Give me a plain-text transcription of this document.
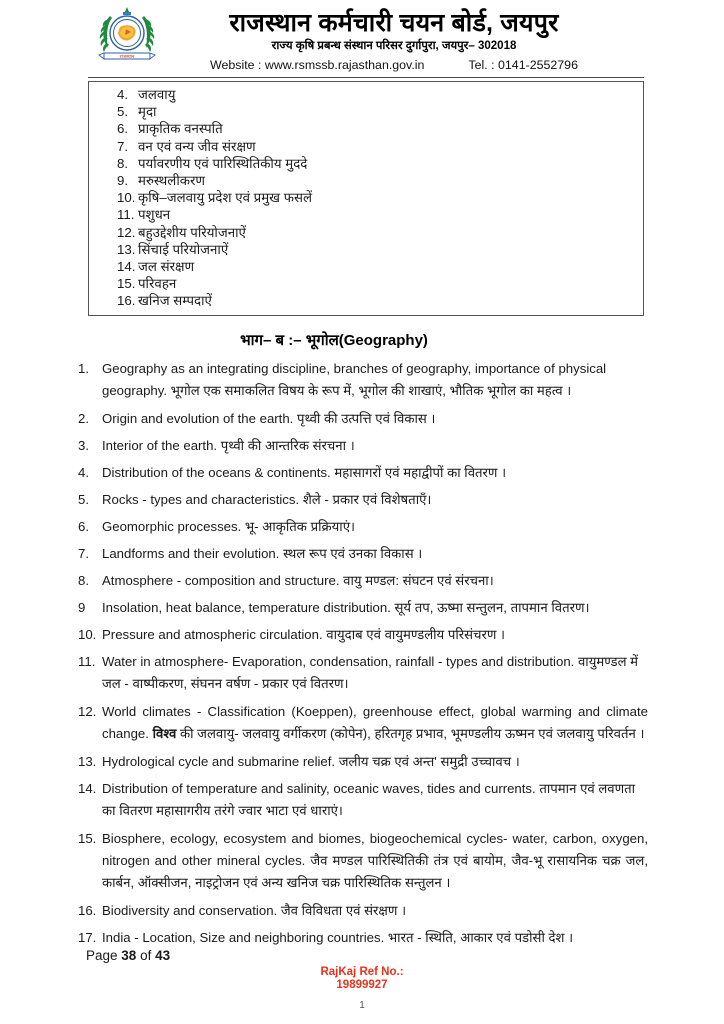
राजस्थान
राजस्थान कर्मचारी चयन बोर्ड, जयपुर
राज्य कृषि प्रबन्ध संस्थान परिसर दुर्गापुरा, जयपुर– 302018
Website : www.rsmssb.rajasthan.gov.in	Tel. : 0141-2552796
4. जलवायु
5. मृदा
6. प्राकृतिक वनस्पति
7. वन एवं वन्य जीव संरक्षण
8. पर्यावरणीय एवं पारिस्थितिकीय मुददे
9. मरुस्थलीकरण
10. कृषि–जलवायु प्रदेश एवं प्रमुख फसलें
11. पशुधन
12. बहुउद्देशीय परियोजनाऐं
13. सिंचाई परियोजनाऐं
14. जल संरक्षण
15. परिवहन
16. खनिज सम्पदाऐं
भाग– ब :– भूगोल(Geography)
1. Geography as an integrating discipline, branches of geography, importance of physical geography. भूगोल एक समाकलित विषय के रूप में, भूगोल की शाखाएं, भौतिक भूगोल का महत्व ।
2. Origin and evolution of the earth. पृथ्वी की उत्पत्ति एवं विकास ।
3. Interior of the earth. पृथ्वी की आन्तरिक संरचना ।
4. Distribution of the oceans & continents. महासागरों एवं महाद्वीपों का वितरण ।
5. Rocks - types and characteristics. शैले - प्रकार एवं विशेषताएँ।
6. Geomorphic processes. भू- आकृतिक प्रक्रियाएं।
7. Landforms and their evolution. स्थल रूप एवं उनका विकास ।
8. Atmosphere - composition and structure. वायु मण्डल: संघटन एवं संरचना।
9	Insolation, heat balance, temperature distribution. सूर्य तप, ऊष्मा सन्तुलन, तापमान वितरण।
10. Pressure and atmospheric circulation. वायुदाब एवं वायुमण्डलीय परिसंचरण ।
11. Water in atmosphere- Evaporation, condensation, rainfall - types and distribution. वायुमण्डल में जल - वाष्पीकरण, संघनन वर्षण - प्रकार एवं वितरण।
12. World climates - Classification (Koeppen), greenhouse effect, global warming and climate change. विश्व की जलवायु- जलवायु वर्गीकरण (कोपेन), हरितगृह प्रभाव, भूमण्डलीय ऊष्मन एवं जलवायु परिवर्तन ।
13. Hydrological cycle and submarine relief. जलीय चक्र एवं अन्त' समुद्री उच्चावच ।
14. Distribution of temperature and salinity, oceanic waves, tides and currents. तापमान एवं लवणता का वितरण महासागरीय तरंगे ज्वार भाटा एवं धाराएं।
15. Biosphere, ecology, ecosystem and biomes, biogeochemical cycles- water, carbon, oxygen, nitrogen and other mineral cycles. जैव मण्डल पारिस्थितिकी तंत्र एवं बायोम, जैव-भू रासायनिक चक्र जल, कार्बन, ऑक्सीजन, नाइट्रोजन एवं अन्य खनिज चक्र पारिस्थितिक सन्तुलन ।
16. Biodiversity and conservation. जैव विविधता एवं संरक्षण ।
17. India - Location, Size and neighboring countries. भारत - स्थिति, आकार एवं पडोसी देश ।
Page 38 of 43
RajKaj Ref No.:
19899927
1
